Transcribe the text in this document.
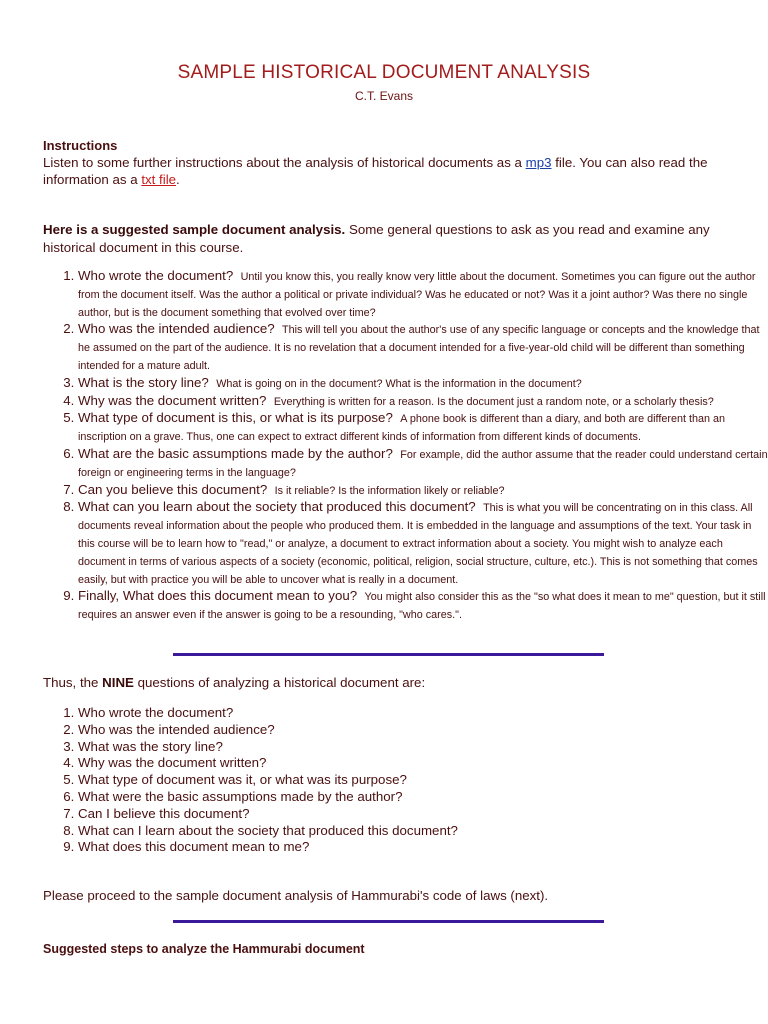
SAMPLE HISTORICAL DOCUMENT ANALYSIS
C.T. Evans
Instructions
Listen to some further instructions about the analysis of historical documents as a mp3 file. You can also read the information as a txt file.
Here is a suggested sample document analysis. Some general questions to ask as you read and examine any historical document in this course.
1. Who wrote the document? Until you know this, you really know very little about the document. Sometimes you can figure out the author from the document itself. Was the author a political or private individual? Was he educated or not? Was it a joint author? Was there no single author, but is the document something that evolved over time?
2. Who was the intended audience? This will tell you about the author's use of any specific language or concepts and the knowledge that he assumed on the part of the audience. It is no revelation that a document intended for a five-year-old child will be different than something intended for a mature adult.
3. What is the story line? What is going on in the document? What is the information in the document?
4. Why was the document written? Everything is written for a reason. Is the document just a random note, or a scholarly thesis?
5. What type of document is this, or what is its purpose? A phone book is different than a diary, and both are different than an inscription on a grave. Thus, one can expect to extract different kinds of information from different kinds of documents.
6. What are the basic assumptions made by the author? For example, did the author assume that the reader could understand certain foreign or engineering terms in the language?
7. Can you believe this document? Is it reliable? Is the information likely or reliable?
8. What can you learn about the society that produced this document? This is what you will be concentrating on in this class. All documents reveal information about the people who produced them. It is embedded in the language and assumptions of the text. Your task in this course will be to learn how to "read," or analyze, a document to extract information about a society. You might wish to analyze each document in terms of various aspects of a society (economic, political, religion, social structure, culture, etc.). This is not something that comes easily, but with practice you will be able to uncover what is really in a document.
9. Finally, What does this document mean to you? You might also consider this as the "so what does it mean to me" question, but it still requires an answer even if the answer is going to be a resounding, "who cares.".
Thus, the NINE questions of analyzing a historical document are:
1. Who wrote the document?
2. Who was the intended audience?
3. What was the story line?
4. Why was the document written?
5. What type of document was it, or what was its purpose?
6. What were the basic assumptions made by the author?
7. Can I believe this document?
8. What can I learn about the society that produced this document?
9. What does this document mean to me?
Please proceed to the sample document analysis of Hammurabi's code of laws (next).
Suggested steps to analyze the Hammurabi document
